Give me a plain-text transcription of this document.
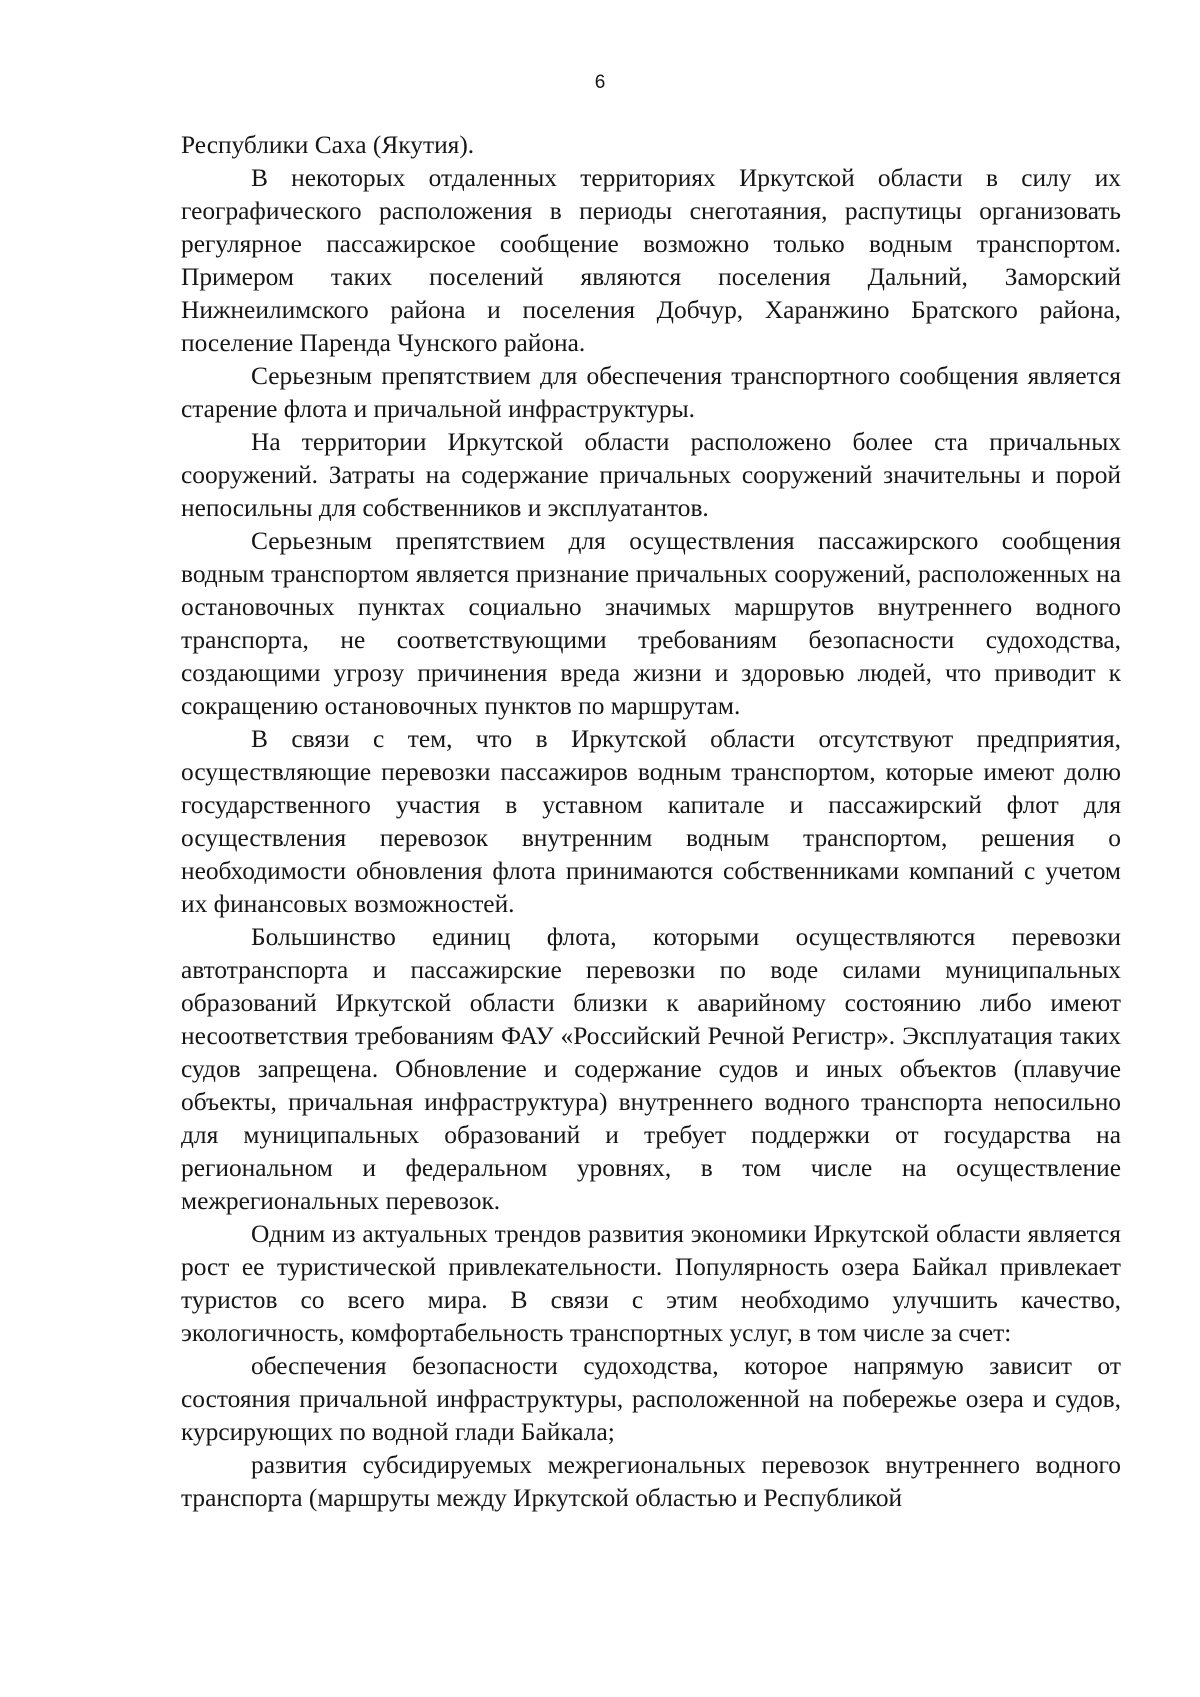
6

Республики Саха (Якутия).

В некоторых отдаленных территориях Иркутской области в силу их географического расположения в периоды снеготаяния, распутицы организовать регулярное пассажирское сообщение возможно только водным транспортом. Примером таких поселений являются поселения Дальний, Заморский Нижнеилимского района и поселения Добчур, Харанжино Братского района, поселение Паренда Чунского района.

Серьезным препятствием для обеспечения транспортного сообщения является старение флота и причальной инфраструктуры.

На территории Иркутской области расположено более ста причальных сооружений. Затраты на содержание причальных сооружений значительны и порой непосильны для собственников и эксплуатантов.

Серьезным препятствием для осуществления пассажирского сообщения водным транспортом является признание причальных сооружений, расположенных на остановочных пунктах социально значимых маршрутов внутреннего водного транспорта, не соответствующими требованиям безопасности судоходства, создающими угрозу причинения вреда жизни и здоровью людей, что приводит к сокращению остановочных пунктов по маршрутам.

В связи с тем, что в Иркутской области отсутствуют предприятия, осуществляющие перевозки пассажиров водным транспортом, которые имеют долю государственного участия в уставном капитале и пассажирский флот для осуществления перевозок внутренним водным транспортом, решения о необходимости обновления флота принимаются собственниками компаний с учетом их финансовых возможностей.

Большинство единиц флота, которыми осуществляются перевозки автотранспорта и пассажирские перевозки по воде силами муниципальных образований Иркутской области близки к аварийному состоянию либо имеют несоответствия требованиям ФАУ «Российский Речной Регистр». Эксплуатация таких судов запрещена. Обновление и содержание судов и иных объектов (плавучие объекты, причальная инфраструктура) внутреннего водного транспорта непосильно для муниципальных образований и требует поддержки от государства на региональном и федеральном уровнях, в том числе на осуществление межрегиональных перевозок.

Одним из актуальных трендов развития экономики Иркутской области является рост ее туристической привлекательности. Популярность озера Байкал привлекает туристов со всего мира. В связи с этим необходимо улучшить качество, экологичность, комфортабельность транспортных услуг, в том числе за счет:

обеспечения безопасности судоходства, которое напрямую зависит от состояния причальной инфраструктуры, расположенной на побережье озера и судов, курсирующих по водной глади Байкала;

развития субсидируемых межрегиональных перевозок внутреннего водного транспорта (маршруты между Иркутской областью и Республикой
